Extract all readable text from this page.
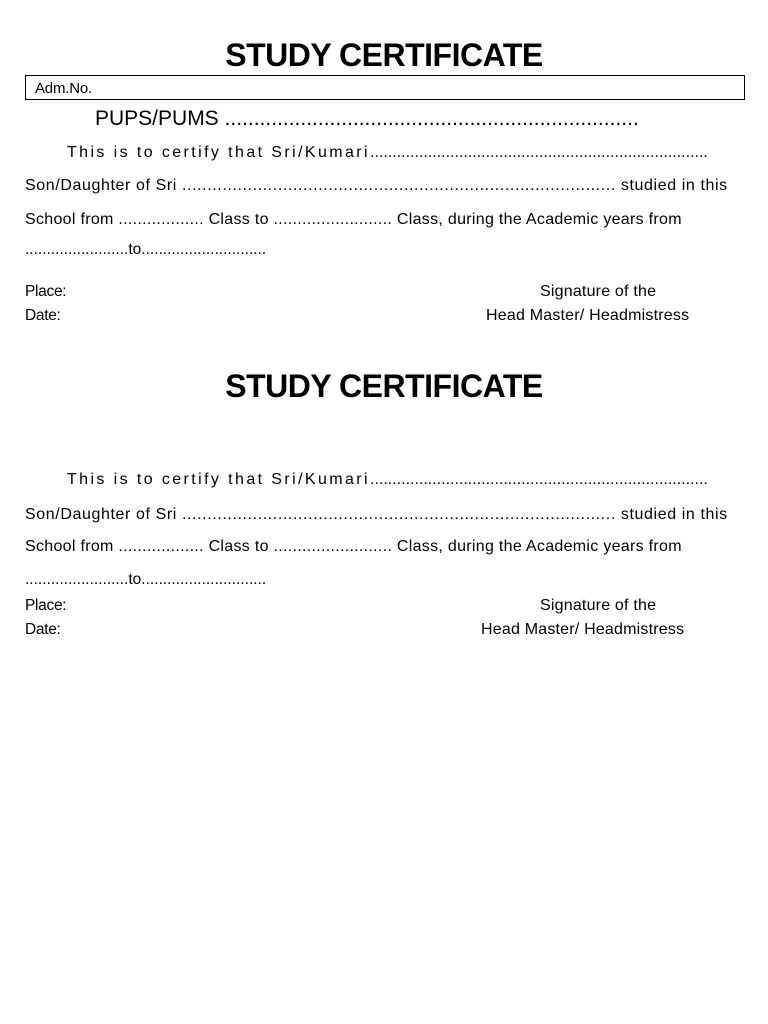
STUDY CERTIFICATE
Adm.No.
PUPS/PUMS .......................................................................
This is to certify that Sri/Kumari............................................................................
Son/Daughter of Sri ...................................................................................... studied in this
School from .................. Class to ......................... Class, during the Academic years from
........................to.............................
Place:
Date:
Signature of the
Head Master/ Headmistress
STUDY CERTIFICATE
This is to certify that Sri/Kumari............................................................................
Son/Daughter of Sri ...................................................................................... studied in this
School from .................. Class to ......................... Class, during the Academic years from
........................to.............................
Place:
Date:
Signature of the
Head Master/ Headmistress
